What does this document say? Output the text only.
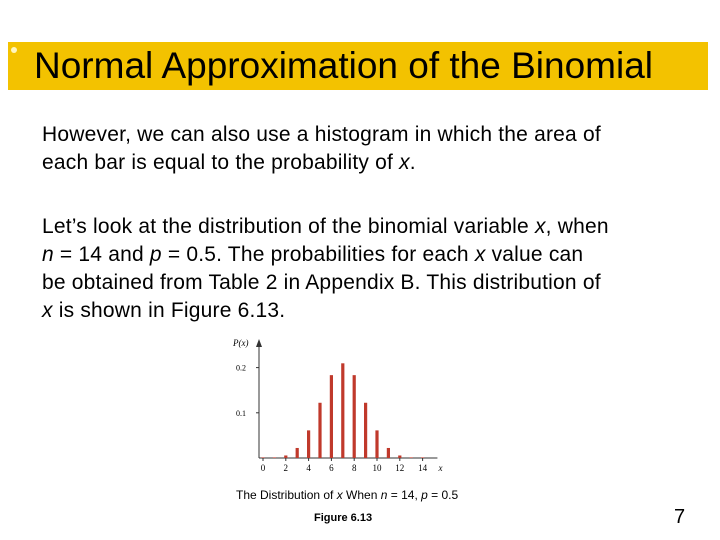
Normal Approximation of the Binomial

However, we can also use a histogram in which the area of
each bar is equal to the probability of x.

Let’s look at the distribution of the binomial variable x, when
n = 14 and p = 0.5. The probabilities for each x value can
be obtained from Table 2 in Appendix B. This distribution of
x is shown in Figure 6.13.

P(x)
0.1
0.2
0 2 4 6 8 10 12 14 x
The Distribution of x When n = 14, p = 0.5
Figure 6.13	7
